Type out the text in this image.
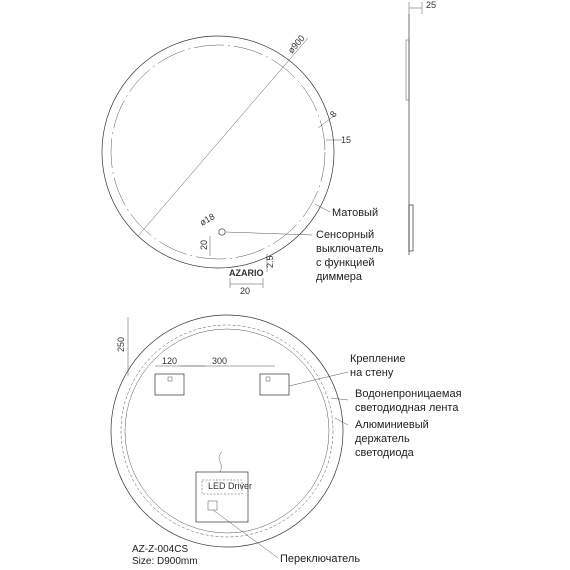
ø900
8
15
ø18
20
2.5
20
AZARIO
25
250
120	300
LED Driver
Матовый
Сенсорный
выключатель
с функцией
диммера
Крепление
на стену
Водонепроницаемая
светодиодная лента
Алюминиевый
держатель
светодиода
Переключатель
AZ-Z-004CS
Size: D900mm
